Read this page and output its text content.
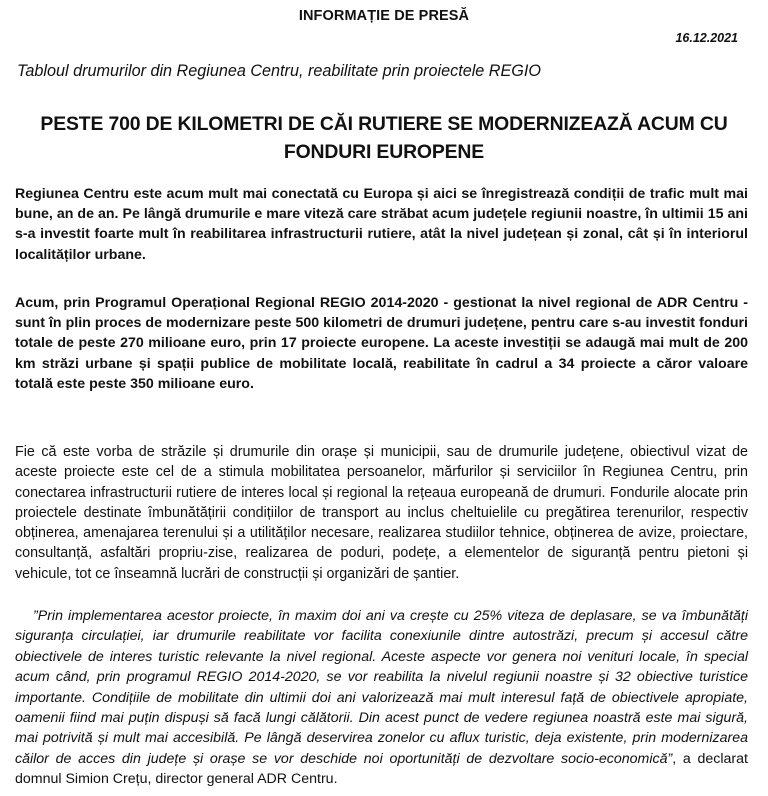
INFORMAȚIE DE PRESĂ
16.12.2021
Tabloul drumurilor din Regiunea Centru, reabilitate prin proiectele REGIO
PESTE 700 DE KILOMETRI DE CĂI RUTIERE SE MODERNIZEAZĂ ACUM CU FONDURI EUROPENE

Regiunea Centru este acum mult mai conectată cu Europa și aici se înregistrează condiții de trafic mult mai bune, an de an. Pe lângă drumurile e mare viteză care străbat acum județele regiunii noastre, în ultimii 15 ani s-a investit foarte mult în reabilitarea infrastructurii rutiere, atât la nivel județean și zonal, cât și în interiorul localităților urbane.

Acum, prin Programul Operațional Regional REGIO 2014-2020 - gestionat la nivel regional de ADR Centru - sunt în plin proces de modernizare peste 500 kilometri de drumuri județene, pentru care s-au investit fonduri totale de peste 270 milioane euro, prin 17 proiecte europene. La aceste investiții se adaugă mai mult de 200 km străzi urbane și spații publice de mobilitate locală, reabilitate în cadrul a 34 proiecte a căror valoare totală este peste 350 milioane euro.

Fie că este vorba de străzile și drumurile din orașe și municipii, sau de drumurile județene, obiectivul vizat de aceste proiecte este cel de a stimula mobilitatea persoanelor, mărfurilor și serviciilor în Regiunea Centru, prin conectarea infrastructurii rutiere de interes local și regional la rețeaua europeană de drumuri. Fondurile alocate prin proiectele destinate îmbunătățirii condițiilor de transport au inclus cheltuielile cu pregătirea terenurilor, respectiv obținerea, amenajarea terenului și a utilităților necesare, realizarea studiilor tehnice, obținerea de avize, proiectare, consultanță, asfaltări propriu-zise, realizarea de poduri, podețe, a elementelor de siguranță pentru pietoni și vehicule, tot ce înseamnă lucrări de construcții și organizări de șantier.

”Prin implementarea acestor proiecte, în maxim doi ani va crește cu 25% viteza de deplasare, se va îmbunătăți siguranța circulației, iar drumurile reabilitate vor facilita conexiunile dintre autostrăzi, precum și accesul către obiectivele de interes turistic relevante la nivel regional. Aceste aspecte vor genera noi venituri locale, în special acum când, prin programul REGIO 2014-2020, se vor reabilita la nivelul regiunii noastre și 32 obiective turistice importante. Condițiile de mobilitate din ultimii doi ani valorizează mai mult interesul față de obiectivele apropiate, oamenii fiind mai puțin dispuși să facă lungi călătorii. Din acest punct de vedere regiunea noastră este mai sigură, mai potrivită și mult mai accesibilă. Pe lângă deservirea zonelor cu aflux turistic, deja existente, prin modernizarea căilor de acces din județe și orașe se vor deschide noi oportunități de dezvoltare socio-economică”, a declarat domnul Simion Crețu, director general ADR Centru.
